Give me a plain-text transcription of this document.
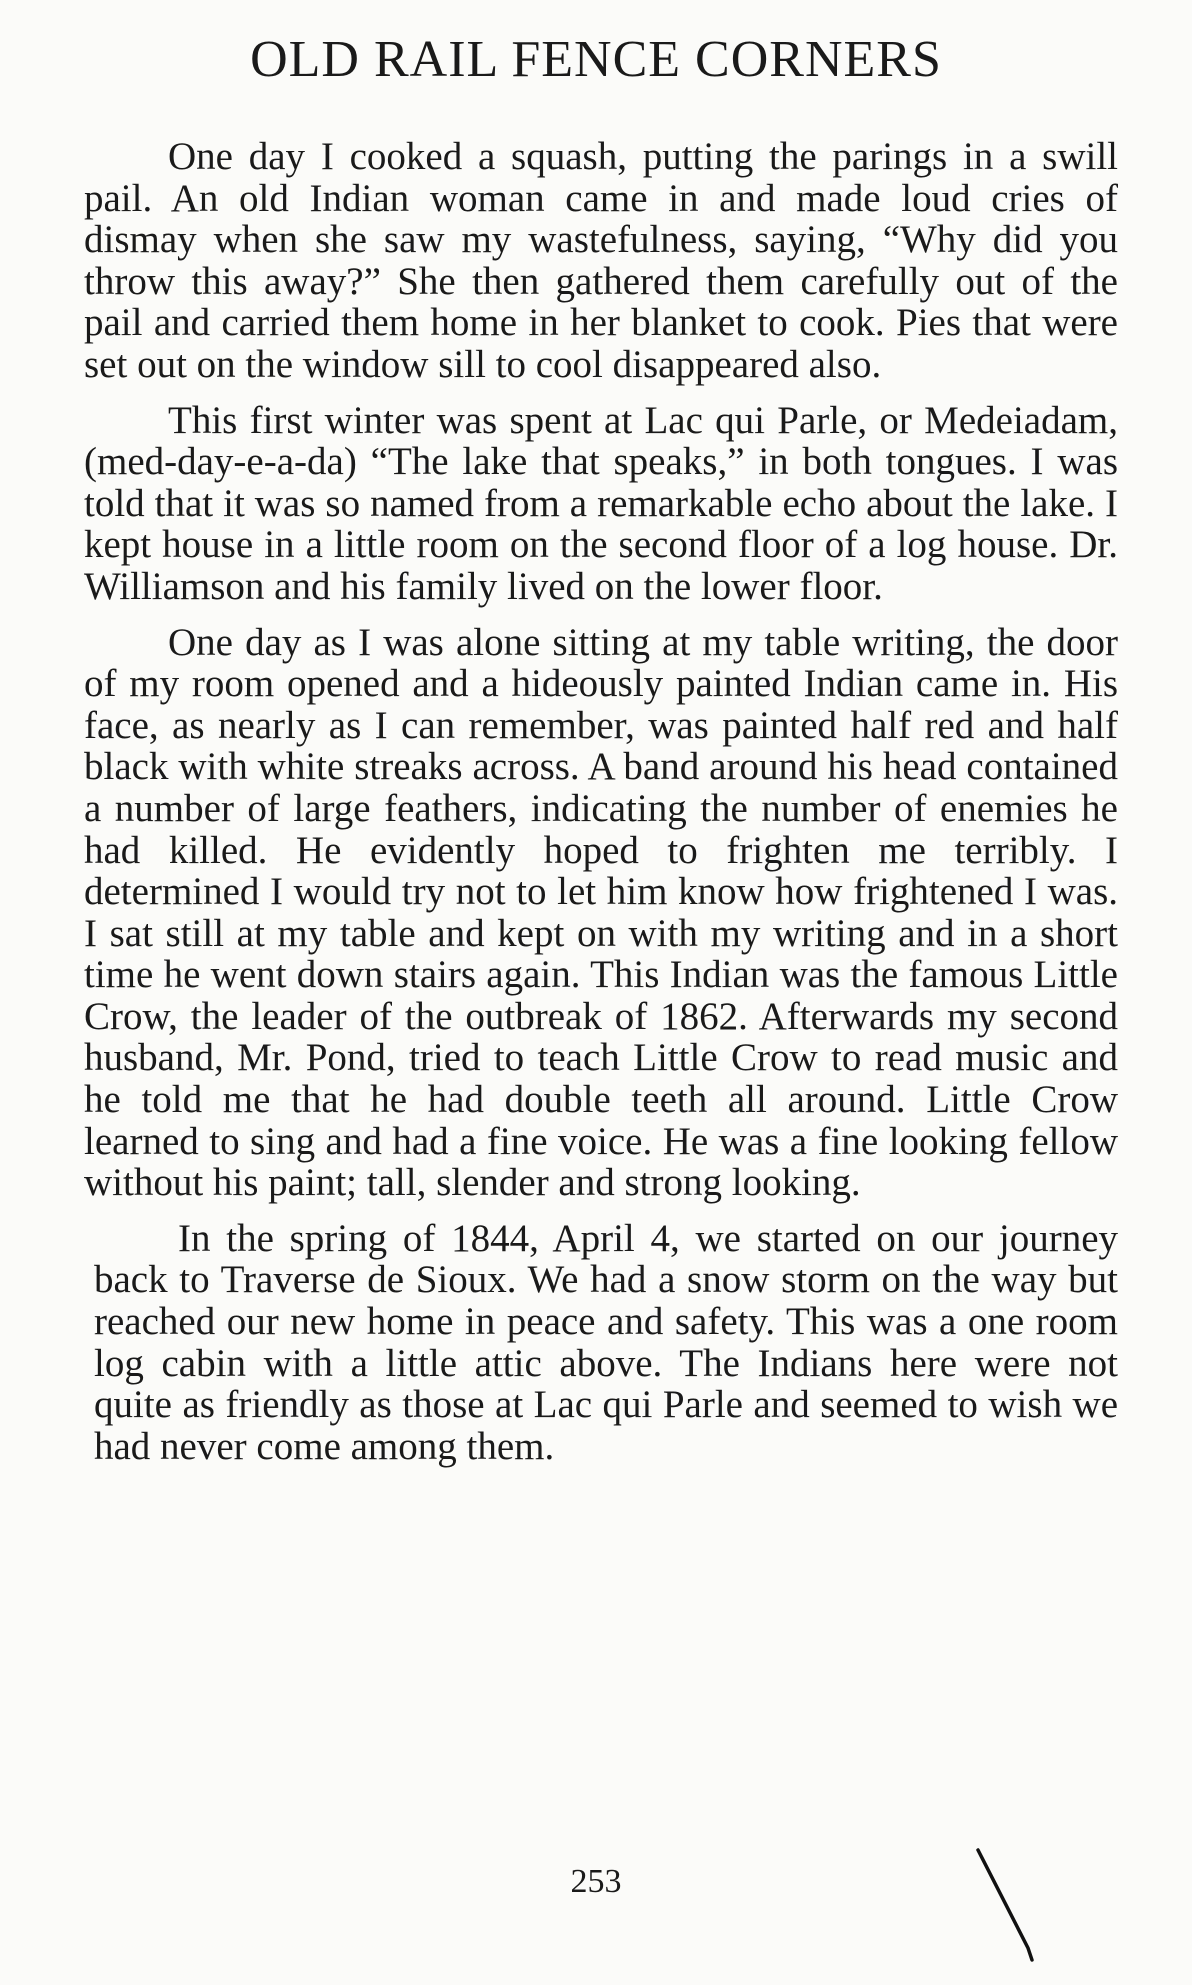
OLD RAIL FENCE CORNERS

One day I cooked a squash, putting the parings in a swill pail. An old Indian woman came in and made loud cries of dismay when she saw my wastefulness, saying, “Why did you throw this away?” She then gathered them carefully out of the pail and carried them home in her blanket to cook. Pies that were set out on the window sill to cool disappeared also.

This first winter was spent at Lac qui Parle, or Medeiadam, (med-day-e-a-da) “The lake that speaks,” in both tongues. I was told that it was so named from a remarkable echo about the lake. I kept house in a little room on the second floor of a log house. Dr. Williamson and his family lived on the lower floor.

One day as I was alone sitting at my table writing, the door of my room opened and a hideously painted Indian came in. His face, as nearly as I can remember, was painted half red and half black with white streaks across. A band around his head contained a number of large feathers, indicating the number of enemies he had killed. He evidently hoped to frighten me terribly. I determined I would try not to let him know how frightened I was. I sat still at my table and kept on with my writing and in a short time he went down stairs again. This Indian was the famous Little Crow, the leader of the outbreak of 1862. Afterwards my second husband, Mr. Pond, tried to teach Little Crow to read music and he told me that he had double teeth all around. Little Crow learned to sing and had a fine voice. He was a fine looking fellow without his paint; tall, slender and strong looking.

In the spring of 1844, April 4, we started on our journey back to Traverse de Sioux. We had a snow storm on the way but reached our new home in peace and safety. This was a one room log cabin with a little attic above. The Indians here were not quite as friendly as those at Lac qui Parle and seemed to wish we had never come among them.

253
